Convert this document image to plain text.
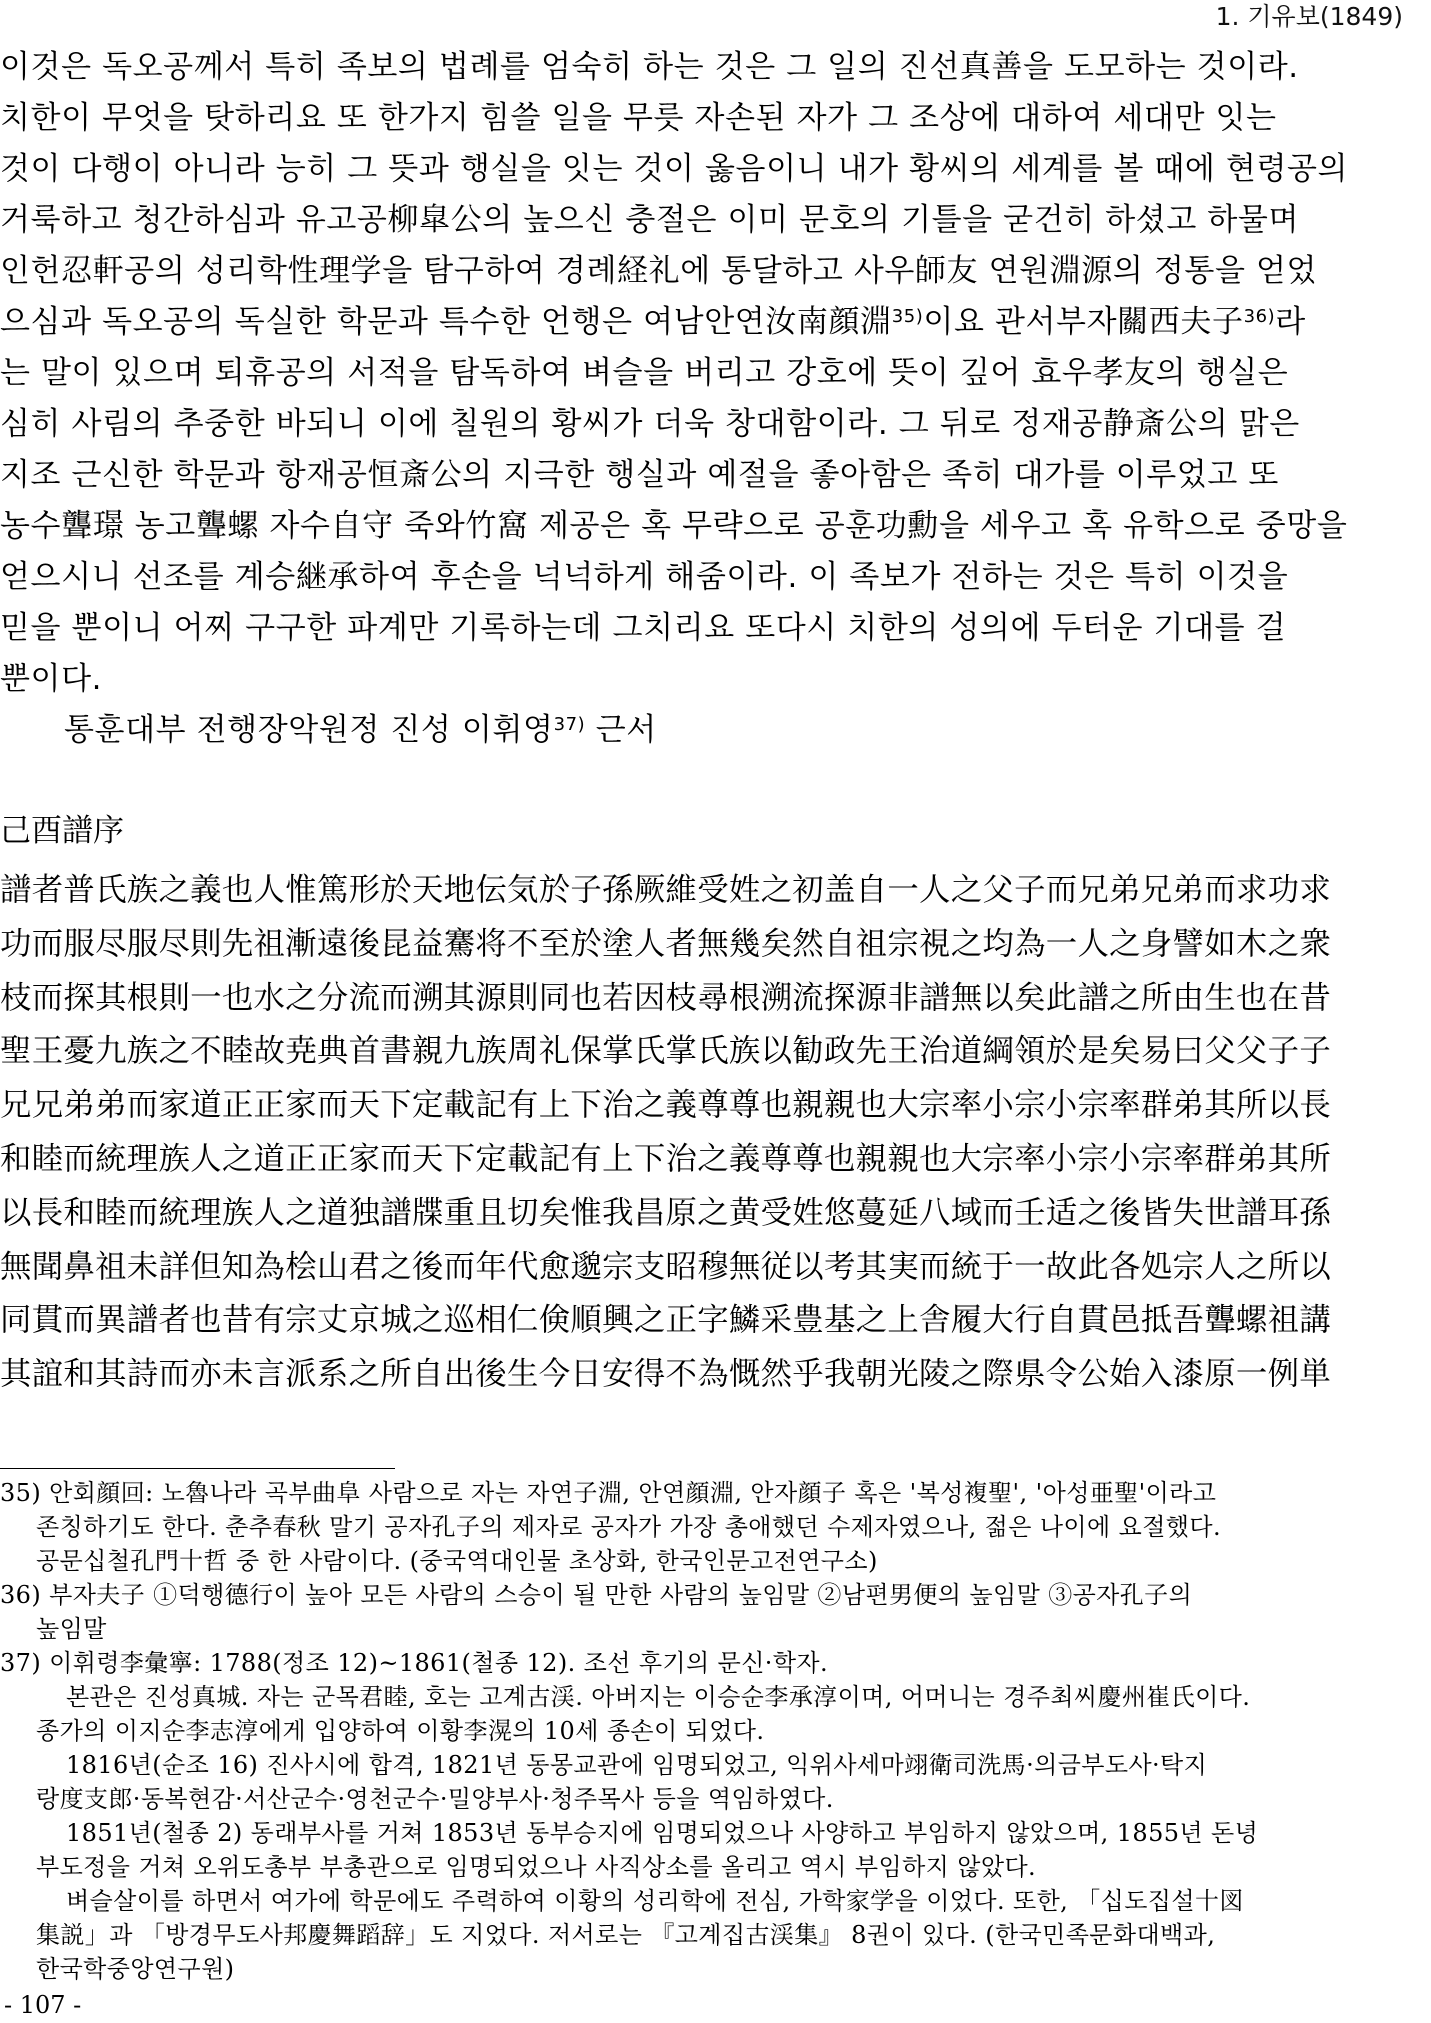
1. 기유보(1849)
이것은 독오공께서 특히 족보의 법례를 엄숙히 하는 것은 그 일의 진선真善을 도모하는 것이라.
치한이 무엇을 탓하리요 또 한가지 힘쓸 일을 무릇 자손된 자가 그 조상에 대하여 세대만 잇는
것이 다행이 아니라 능히 그 뜻과 행실을 잇는 것이 옳음이니 내가 황씨의 세계를 볼 때에 현령공의
거룩하고 청간하심과 유고공柳皐公의 높으신 충절은 이미 문호의 기틀을 굳건히 하셨고 하물며
인헌忍軒공의 성리학性理学을 탐구하여 경례経礼에 통달하고 사우師友 연원淵源의 정통을 얻었
으심과 독오공의 독실한 학문과 특수한 언행은 여남안연汝南顔淵$^{35)}$이요 관서부자關西夫子$^{36)}$라
는 말이 있으며 퇴휴공의 서적을 탐독하여 벼슬을 버리고 강호에 뜻이 깊어 효우孝友의 행실은
심히 사림의 추중한 바되니 이에 칠원의 황씨가 더욱 창대함이라. 그 뒤로 정재공静斎公의 맑은
지조 근신한 학문과 항재공恒斎公의 지극한 행실과 예절을 좋아함은 족히 대가를 이루었고 또
농수聾璟 농고聾螺 자수自守 죽와竹窩 제공은 혹 무략으로 공훈功勳을 세우고 혹 유학으로 중망을
얻으시니 선조를 계승継承하여 후손을 넉넉하게 해줌이라. 이 족보가 전하는 것은 특히 이것을
믿을 뿐이니 어찌 구구한 파계만 기록하는데 그치리요 또다시 치한의 성의에 두터운 기대를 걸
뿐이다.
통훈대부 전행장악원정 진성 이휘영$^{37)}$ 근서
己酉譜序
譜者普氏族之義也人惟篤形於天地伝気於子孫厥維受姓之初盖自一人之父子而兄弟兄弟而求功求
功而服尽服尽則先祖漸遠後昆益騫将不至於塗人者無幾矣然自祖宗視之均為一人之身譬如木之衆
枝而探其根則一也水之分流而溯其源則同也若因枝尋根溯流探源非譜無以矣此譜之所由生也在昔
聖王憂九族之不睦故尭典首書親九族周礼保掌氏掌氏族以勧政先王治道綱領於是矣易曰父父子子
兄兄弟弟而家道正正家而天下定載記有上下治之義尊尊也親親也大宗率小宗小宗率群弟其所以長
和睦而統理族人之道正正家而天下定載記有上下治之義尊尊也親親也大宗率小宗小宗率群弟其所
以長和睦而統理族人之道独譜牒重且切矣惟我昌原之黄受姓悠蔓延八域而壬适之後皆失世譜耳孫
無聞鼻祖未詳但知為桧山君之後而年代愈邈宗支昭穆無従以考其実而統于一故此各処宗人之所以
同貫而異譜者也昔有宗丈京城之巡相仁倹順興之正字鱗采豊基之上舎履大行自貫邑抵吾聾螺祖講
其誼和其詩而亦未言派系之所自出後生今日安得不為慨然乎我朝光陵之際県令公始入漆原一例単
35) 안회顔回: 노魯나라 곡부曲阜 사람으로 자는 자연子淵, 안연顔淵, 안자顔子 혹은 '복성複聖', '아성亜聖'이라고
존칭하기도 한다. 춘추春秋 말기 공자孔子의 제자로 공자가 가장 총애했던 수제자였으나, 젊은 나이에 요절했다.
공문십철孔門十哲 중 한 사람이다. (중국역대인물 초상화, 한국인문고전연구소)
36) 부자夫子 ①덕행德行이 높아 모든 사람의 스승이 될 만한 사람의 높임말 ②남편男便의 높임말 ③공자孔子의
높임말
37) 이휘령李彙寧: 1788(정조 12)~1861(철종 12). 조선 후기의 문신·학자.
본관은 진성真城. 자는 군목君睦, 호는 고계古渓. 아버지는 이승순李承淳이며, 어머니는 경주최씨慶州崔氏이다.
종가의 이지순李志淳에게 입양하여 이황李滉의 10세 종손이 되었다.
1816년(순조 16) 진사시에 합격, 1821년 동몽교관에 임명되었고, 익위사세마翊衛司洗馬·의금부도사·탁지
랑度支郎·동복현감·서산군수·영천군수·밀양부사·청주목사 등을 역임하였다.
1851년(철종 2) 동래부사를 거쳐 1853년 동부승지에 임명되었으나 사양하고 부임하지 않았으며, 1855년 돈녕
부도정을 거쳐 오위도총부 부총관으로 임명되었으나 사직상소를 올리고 역시 부임하지 않았다.
벼슬살이를 하면서 여가에 학문에도 주력하여 이황의 성리학에 전심, 가학家学을 이었다. 또한, 「십도집설十図
集説」과 「방경무도사邦慶舞蹈辞」도 지었다. 저서로는 『고계집古渓集』 8권이 있다. (한국민족문화대백과,
한국학중앙연구원)
- 107 -
